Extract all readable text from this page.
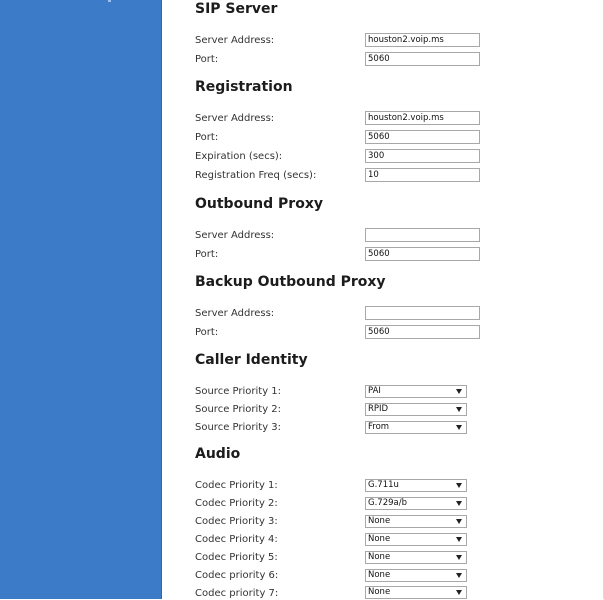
SIP Server
Server Address:	houston2.voip.ms
Port:	5060
Registration
Server Address:	houston2.voip.ms
Port:	5060
Expiration (secs):	300
Registration Freq (secs):	10
Outbound Proxy
Server Address:
Port:	5060
Backup Outbound Proxy
Server Address:
Port:	5060
Caller Identity
Source Priority 1:	PAI
Source Priority 2:	RPID
Source Priority 3:	From
Audio
Codec Priority 1:	G.711u
Codec Priority 2:	G.729a/b
Codec Priority 3:	None
Codec Priority 4:	None
Codec Priority 5:	None
Codec priority 6:	None
Codec priority 7:	None
